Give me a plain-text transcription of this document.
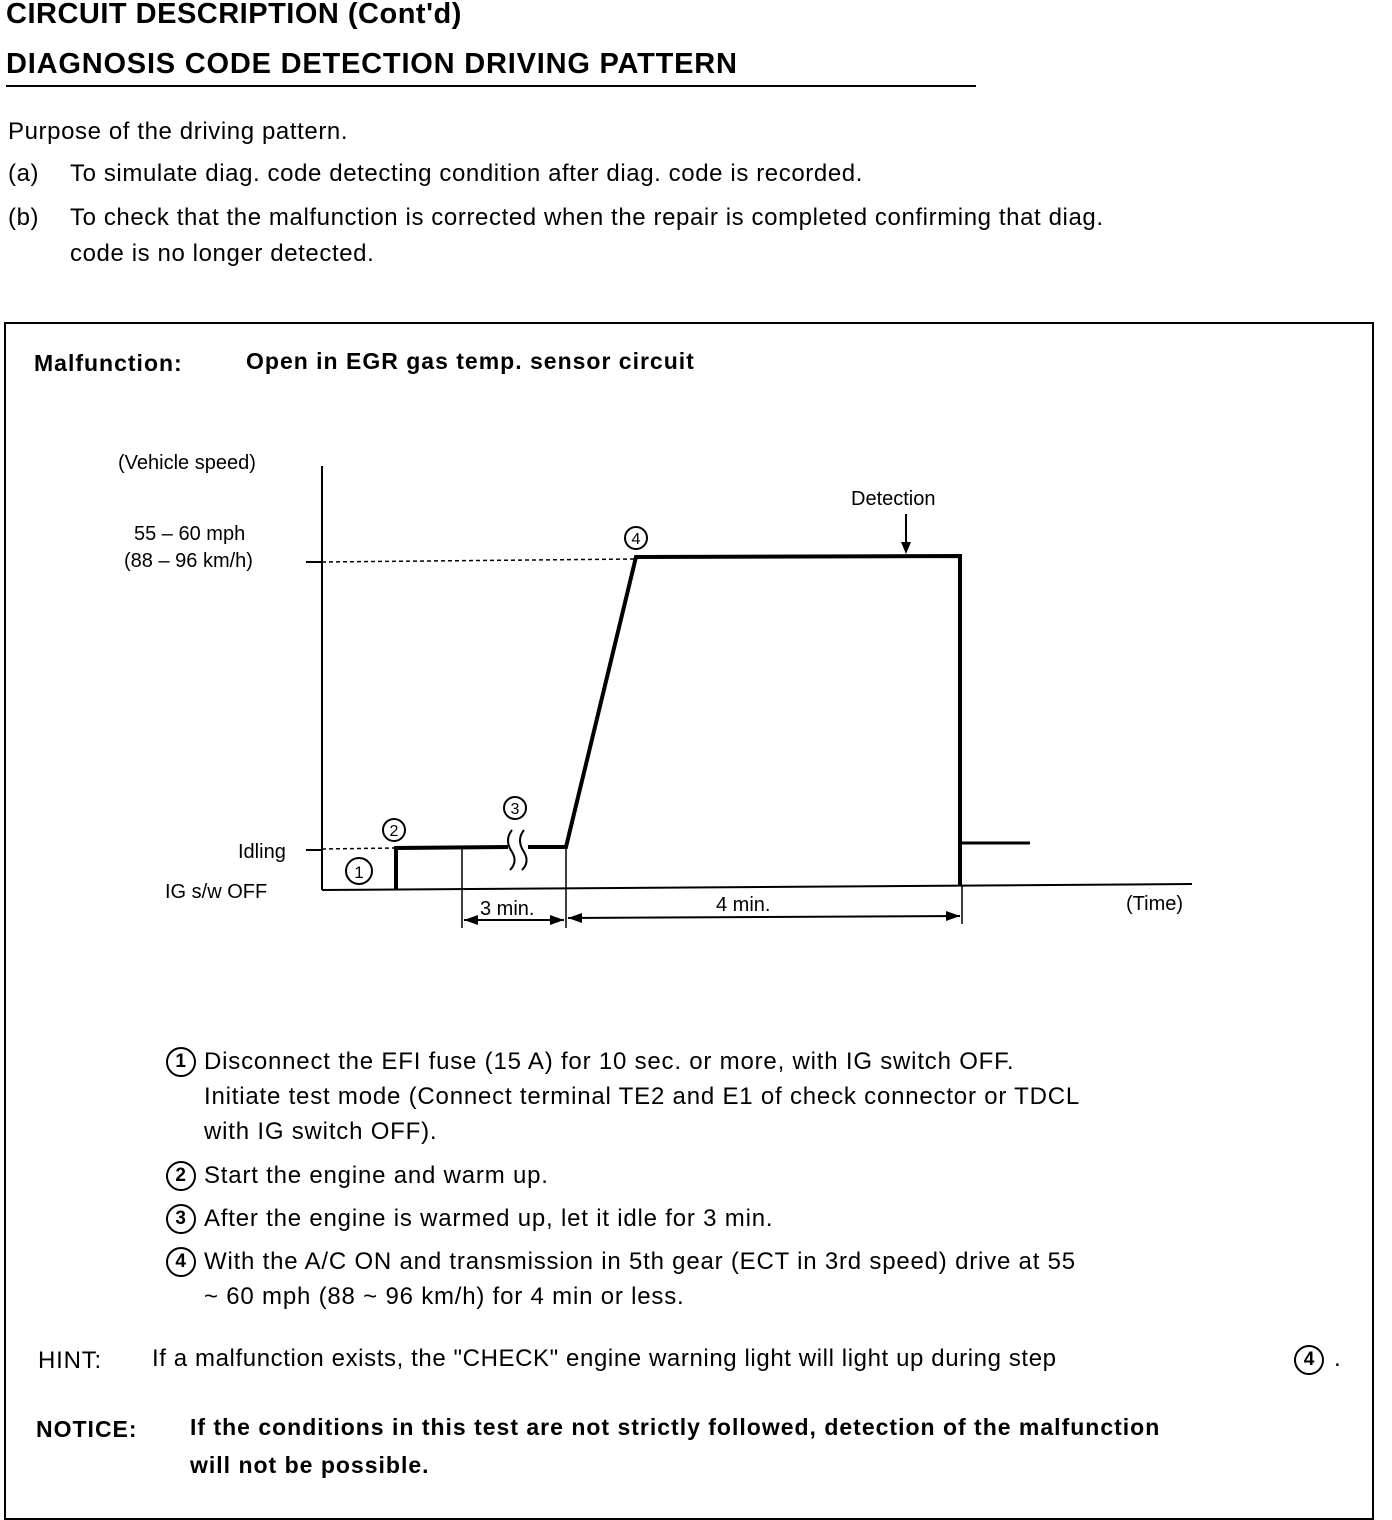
CIRCUIT DESCRIPTION (Cont'd)
DIAGNOSIS CODE DETECTION DRIVING PATTERN
Purpose of the driving pattern.
(a) To simulate diag. code detecting condition after diag. code is recorded.
(b) To check that the malfunction is corrected when the repair is completed confirming that diag.
code is no longer detected.
Malfunction:	Open in EGR gas temp. sensor circuit
(Vehicle speed)
55 – 60 mph
(88 – 96 km/h)
Idling
IG s/w OFF
(Time)
Detection
3 min.	4 min.
1
2
3
4
1 Disconnect the EFI fuse (15 A) for 10 sec. or more, with IG switch OFF.
Initiate test mode (Connect terminal TE2 and E1 of check connector or TDCL
with IG switch OFF).
2 Start the engine and warm up.
3 After the engine is warmed up, let it idle for 3 min.
4 With the A/C ON and transmission in 5th gear (ECT in 3rd speed) drive at 55
~ 60 mph (88 ~ 96 km/h) for 4 min or less.
HINT: If a malfunction exists, the "CHECK" engine warning light will light up during step	4 .
NOTICE: If the conditions in this test are not strictly followed, detection of the malfunction
will not be possible.
